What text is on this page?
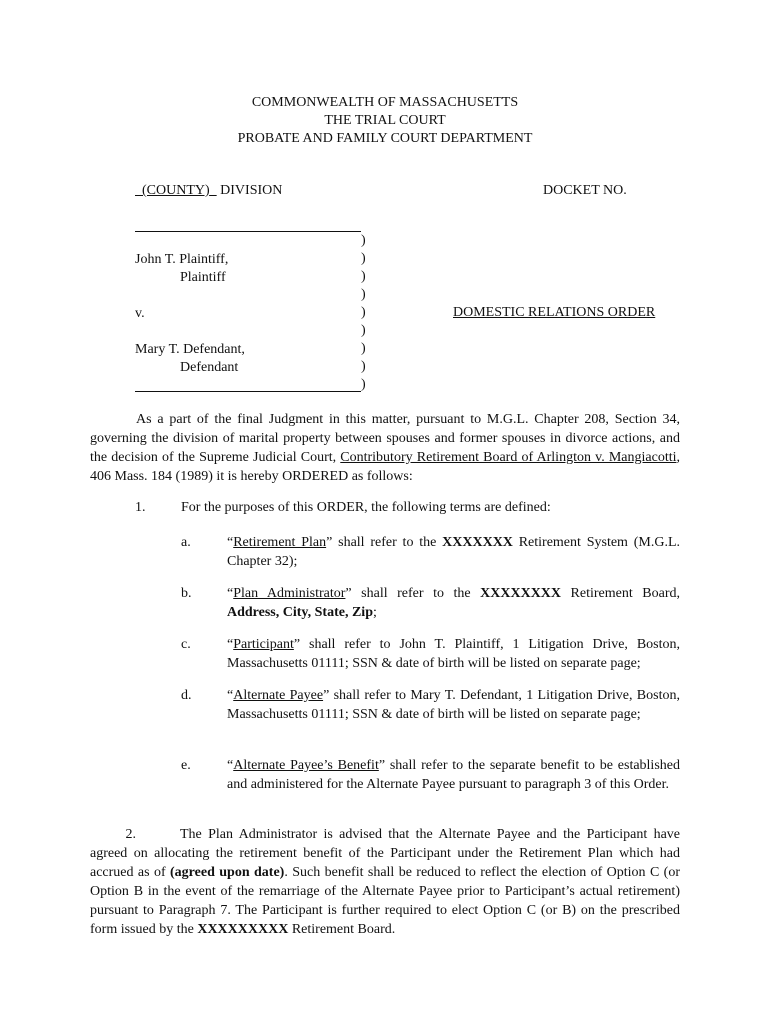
COMMONWEALTH OF MASSACHUSETTS
THE TRIAL COURT
PROBATE AND FAMILY COURT DEPARTMENT
(COUNTY) DIVISION	DOCKET NO.
)
)
)
)
)
)
)
)
)
John T. Plaintiff,
Plaintiff
v.
Mary T. Defendant,
Defendant
DOMESTIC RELATIONS ORDER
As a part of the final Judgment in this matter, pursuant to M.G.L. Chapter 208, Section 34, governing the division of marital property between spouses and former spouses in divorce actions, and the decision of the Supreme Judicial Court, Contributory Retirement Board of Arlington v. Mangiacotti, 406 Mass. 184 (1989) it is hereby ORDERED as follows:
1.	For the purposes of this ORDER, the following terms are defined:
a.	“Retirement Plan” shall refer to the XXXXXXX Retirement System (M.G.L. Chapter 32);
b.	“Plan Administrator” shall refer to the XXXXXXXX Retirement Board, Address, City, State, Zip;
c.	“Participant” shall refer to John T. Plaintiff, 1 Litigation Drive, Boston, Massachusetts 01111; SSN & date of birth will be listed on separate page;
d.	“Alternate Payee” shall refer to Mary T. Defendant, 1 Litigation Drive, Boston, Massachusetts 01111; SSN & date of birth will be listed on separate page;
e.	“Alternate Payee’s Benefit” shall refer to the separate benefit to be established and administered for the Alternate Payee pursuant to paragraph 3 of this Order.
2.	The Plan Administrator is advised that the Alternate Payee and the Participant have agreed on allocating the retirement benefit of the Participant under the Retirement Plan which had accrued as of (agreed upon date). Such benefit shall be reduced to reflect the election of Option C (or Option B in the event of the remarriage of the Alternate Payee prior to Participant’s actual retirement) pursuant to Paragraph 7. The Participant is further required to elect Option C (or B) on the prescribed form issued by the XXXXXXXXX Retirement Board.
